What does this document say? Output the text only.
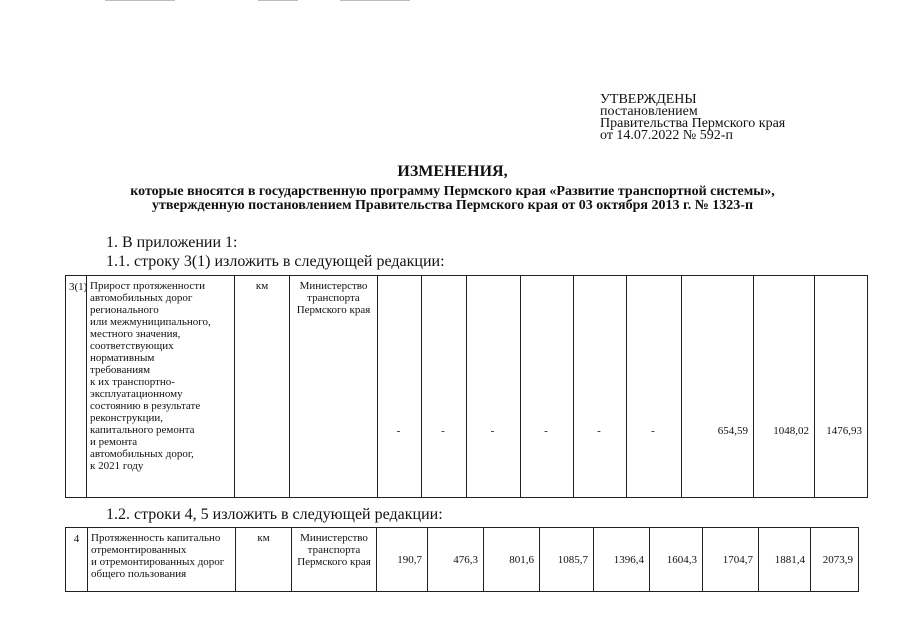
УТВЕРЖДЕНЫ
постановлением
Правительства Пермского края
от 14.07.2022 № 592-п
ИЗМЕНЕНИЯ,
которые вносятся в государственную программу Пермского края «Развитие транспортной системы»,
утвержденную постановлением Правительства Пермского края от 03 октября 2013 г. № 1323-п
1. В приложении 1:
1.1. строку 3(1) изложить в следующей редакции:
3(1)	Прирост протяженности
автомобильных дорог
регионального
или межмуниципального,
местного значения,
соответствующих
нормативным
требованиям
к их транспортно-
эксплуатационному
состоянию в результате
реконструкции,
капитального ремонта
и ремонта
автомобильных дорог,
к 2021 году	км	Министерство транспорта Пермского края	-	-	-	-	-	-	654,59	1048,02	1476,93
1.2. строки 4, 5 изложить в следующей редакции:
4	Протяженность капитально
отремонтированных
и отремонтированных дорог
общего пользования	км	Министерство транспорта Пермского края	190,7	476,3	801,6	1085,7	1396,4	1604,3	1704,7	1881,4	2073,9
